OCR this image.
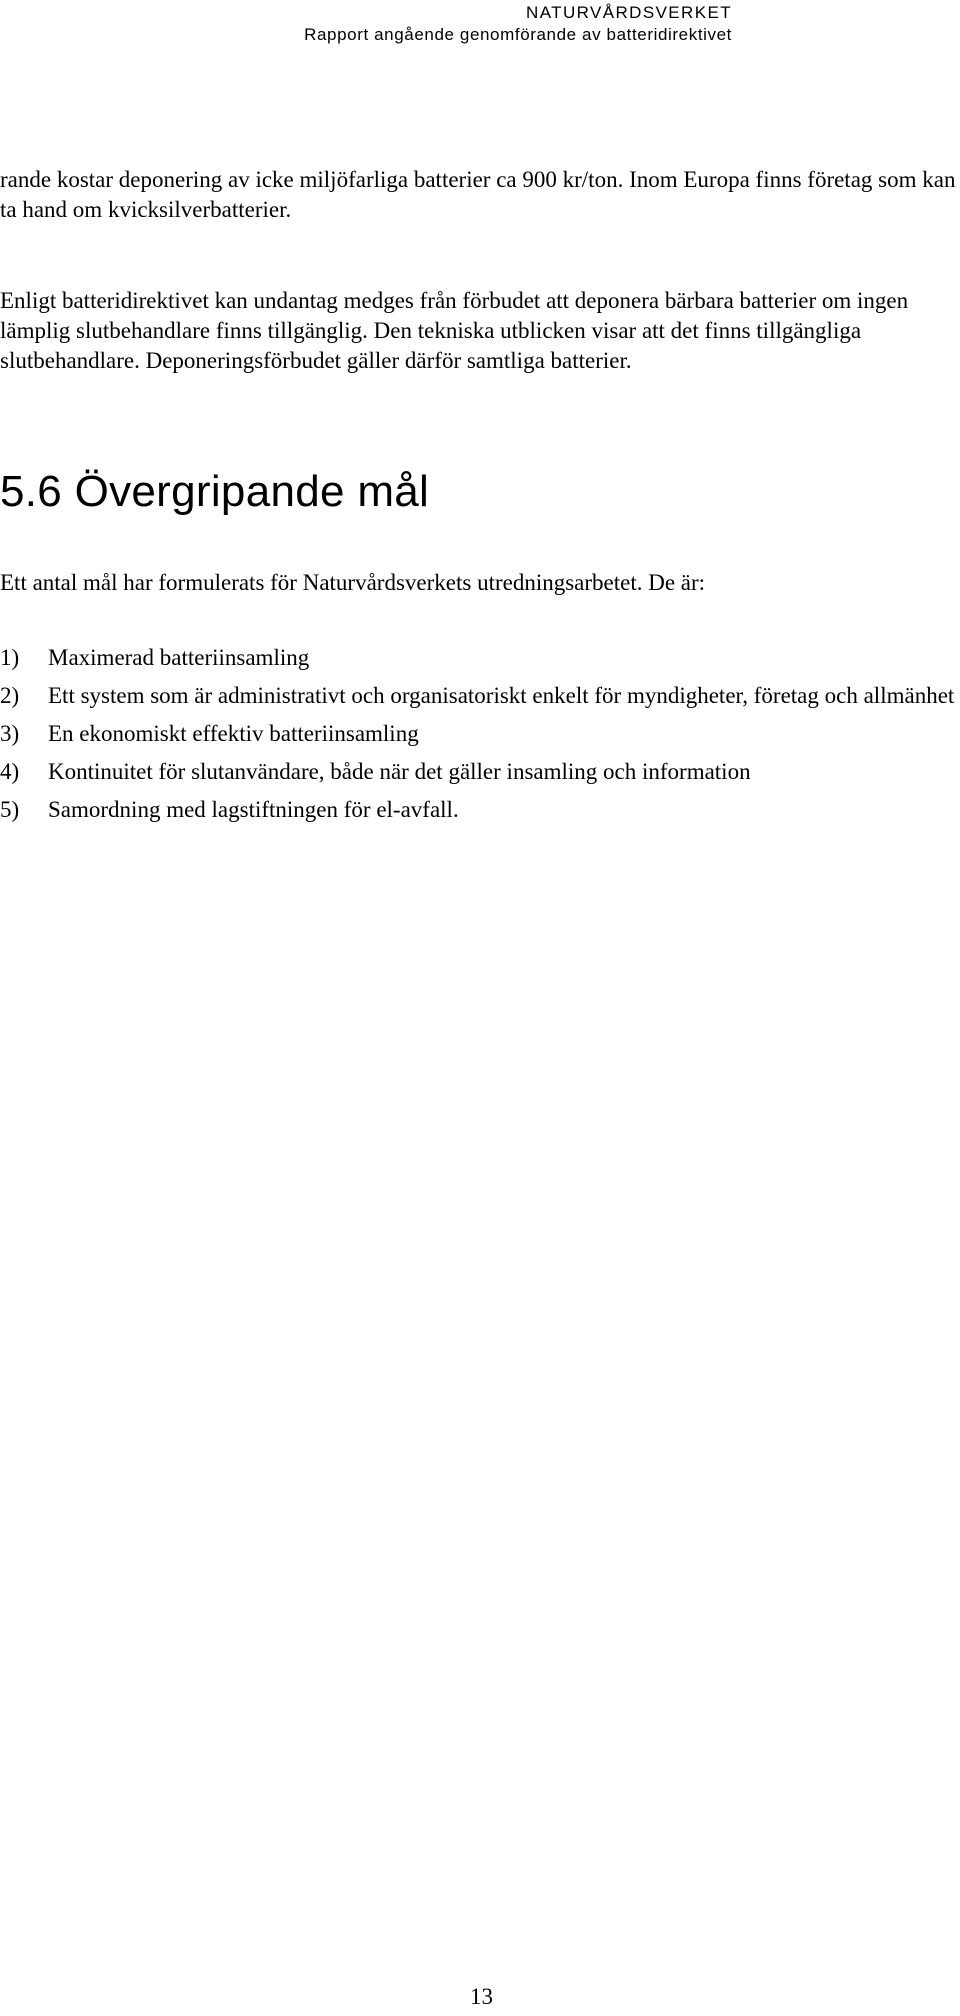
NATURVÅRDSVERKET
Rapport angående genomförande av batteridirektivet

rande kostar deponering av icke miljöfarliga batterier ca 900 kr/ton. Inom Europa finns företag som kan ta hand om kvicksilverbatterier.

Enligt batteridirektivet kan undantag medges från förbudet att deponera bärbara batterier om ingen lämplig slutbehandlare finns tillgänglig. Den tekniska utblicken visar att det finns tillgängliga slutbehandlare. Deponeringsförbudet gäller därför samtliga batterier.

5.6 Övergripande mål

Ett antal mål har formulerats för Naturvårdsverkets utredningsarbetet. De är:

1) Maximerad batteriinsamling
2) Ett system som är administrativt och organisatoriskt enkelt för myndigheter, företag och allmänhet
3) En ekonomiskt effektiv batteriinsamling
4) Kontinuitet för slutanvändare, både när det gäller insamling och information
5) Samordning med lagstiftningen för el-avfall.
13
